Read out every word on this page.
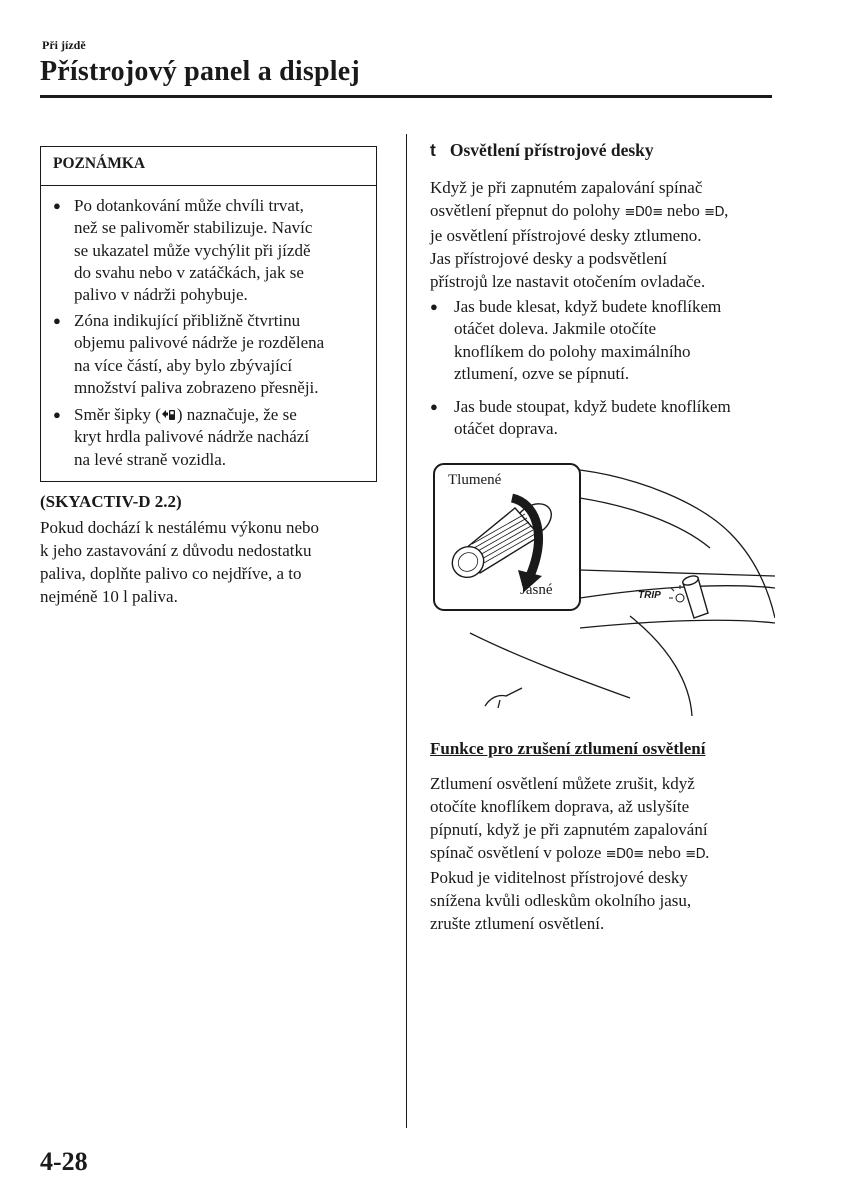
Při jízdě
Přístrojový panel a displej
POZNÁMKA
● Po dotankování může chvíli trvat,
než se palivoměr stabilizuje. Navíc
se ukazatel může vychýlit při jízdě
do svahu nebo v zatáčkách, jak se
palivo v nádrži pohybuje.
● Zóna indikující přibližně čtvrtinu
objemu palivové nádrže je rozdělena
na více částí, aby bylo zbývající
množství paliva zobrazeno přesněji.
● Směr šipky ( ) naznačuje, že se
kryt hrdla palivové nádrže nachází
na levé straně vozidla.
(SKYACTIV-D 2.2)
Pokud dochází k nestálému výkonu nebo
k jeho zastavování z důvodu nedostatku
paliva, doplňte palivo co nejdříve, a to
nejméně 10 l paliva.
t Osvětlení přístrojové desky
Když je při zapnutém zapalování spínač
osvětlení přepnut do polohy ≡D0≡ nebo ≡D,
je osvětlení přístrojové desky ztlumeno.
Jas přístrojové desky a podsvětlení
přístrojů lze nastavit otočením ovladače.
● Jas bude klesat, když budete knoflíkem
otáčet doleva. Jakmile otočíte
knoflíkem do polohy maximálního
ztlumení, ozve se pípnutí.
● Jas bude stoupat, když budete knoflíkem
otáčet doprava.
TRIP
Tlumené
Jasné
Funkce pro zrušení ztlumení osvětlení
Ztlumení osvětlení můžete zrušit, když
otočíte knoflíkem doprava, až uslyšíte
pípnutí, když je při zapnutém zapalování
spínač osvětlení v poloze ≡D0≡ nebo ≡D.
Pokud je viditelnost přístrojové desky
snížena kvůli odleskům okolního jasu,
zrušte ztlumení osvětlení.
4-28
